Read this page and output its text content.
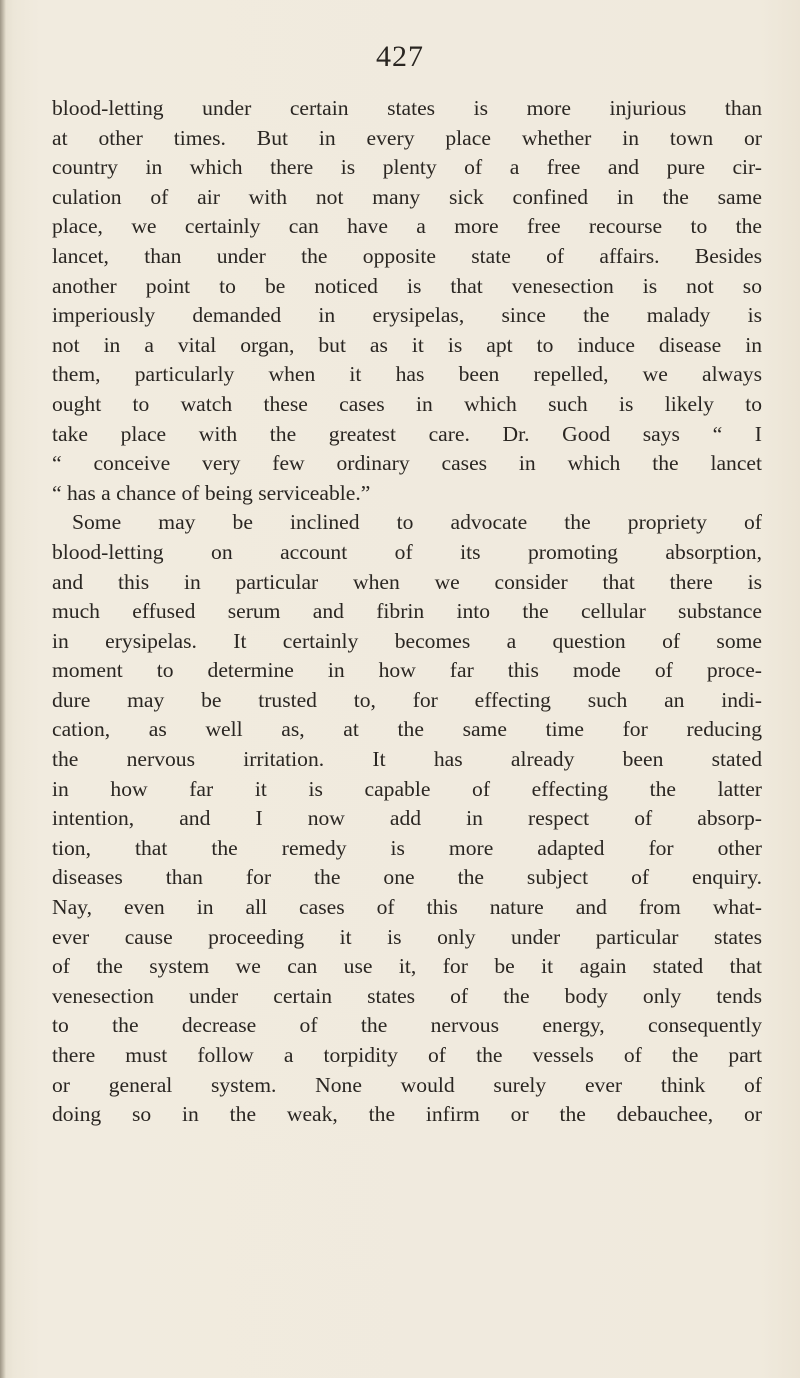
427
blood-letting under certain states is more injurious than
at other times. But in every place whether in town or
country in which there is plenty of a free and pure cir-
culation of air with not many sick confined in the same
place, we certainly can have a more free recourse to the
lancet, than under the opposite state of affairs. Besides
another point to be noticed is that venesection is not so
imperiously demanded in erysipelas, since the malady is
not in a vital organ, but as it is apt to induce disease in
them, particularly when it has been repelled, we always
ought to watch these cases in which such is likely to
take place with the greatest care. Dr. Good says “ I
“ conceive very few ordinary cases in which the lancet
“ has a chance of being serviceable.”
Some may be inclined to advocate the propriety of
blood-letting on account of its promoting absorption,
and this in particular when we consider that there is
much effused serum and fibrin into the cellular substance
in erysipelas. It certainly becomes a question of some
moment to determine in how far this mode of proce-
dure may be trusted to, for effecting such an indi-
cation, as well as, at the same time for reducing
the nervous irritation. It has already been stated
in how far it is capable of effecting the latter
intention, and I now add in respect of absorp-
tion, that the remedy is more adapted for other
diseases than for the one the subject of enquiry.
Nay, even in all cases of this nature and from what-
ever cause proceeding it is only under particular states
of the system we can use it, for be it again stated that
venesection under certain states of the body only tends
to the decrease of the nervous energy, consequently
there must follow a torpidity of the vessels of the part
or general system. None would surely ever think of
doing so in the weak, the infirm or the debauchee, or
